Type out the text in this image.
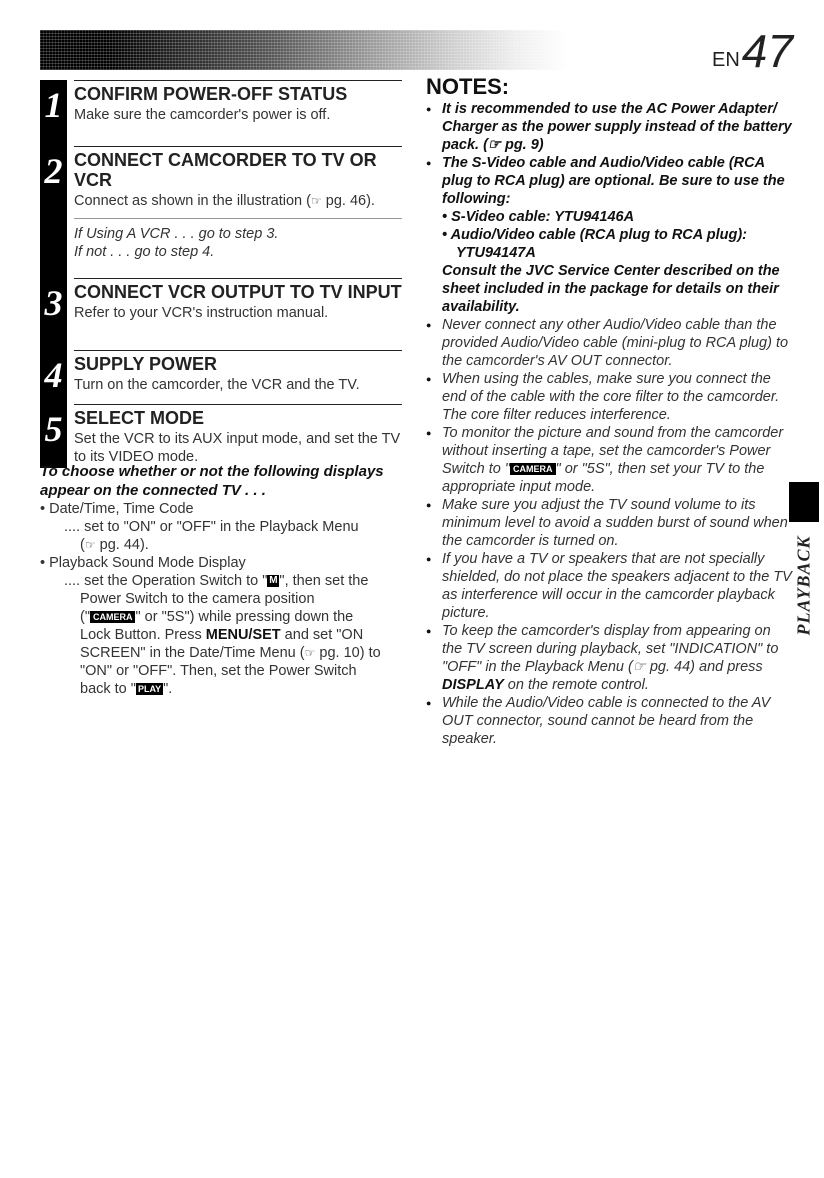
EN 47
1 CONFIRM POWER-OFF STATUS
Make sure the camcorder's power is off.
2 CONNECT CAMCORDER TO TV OR VCR
Connect as shown in the illustration (☞ pg. 46).
If Using A VCR . . . go to step 3.
If not . . . go to step 4.
3 CONNECT VCR OUTPUT TO TV INPUT
Refer to your VCR's instruction manual.
4 SUPPLY POWER
Turn on the camcorder, the VCR and the TV.
5 SELECT MODE
Set the VCR to its AUX input mode, and set the TV to its VIDEO mode.
To choose whether or not the following displays appear on the connected TV . . .
• Date/Time, Time Code
.... set to "ON" or "OFF" in the Playback Menu
(☞ pg. 44).
• Playback Sound Mode Display
.... set the Operation Switch to " M ", then set the
Power Switch to the camera position
(" CAMERA " or "5S") while pressing down the
Lock Button. Press MENU/SET and set "ON
SCREEN" in the Date/Time Menu (☞ pg. 10) to
"ON" or "OFF". Then, set the Power Switch
back to " PLAY ".
NOTES:
● It is recommended to use the AC Power Adapter/ Charger as the power supply instead of the battery pack. (☞ pg. 9)
● The S-Video cable and Audio/Video cable (RCA plug to RCA plug) are optional. Be sure to use the following:
• S-Video cable: YTU94146A
• Audio/Video cable (RCA plug to RCA plug):
YTU94147A
Consult the JVC Service Center described on the sheet included in the package for details on their availability.
● Never connect any other Audio/Video cable than the provided Audio/Video cable (mini-plug to RCA plug) to the camcorder's AV OUT connector.
● When using the cables, make sure you connect the end of the cable with the core filter to the camcorder. The core filter reduces interference.
● To monitor the picture and sound from the camcorder without inserting a tape, set the camcorder's Power Switch to " CAMERA " or "5S", then set your TV to the appropriate input mode.
● Make sure you adjust the TV sound volume to its minimum level to avoid a sudden burst of sound when the camcorder is turned on.
● If you have a TV or speakers that are not specially shielded, do not place the speakers adjacent to the TV as interference will occur in the camcorder playback picture.
● To keep the camcorder's display from appearing on the TV screen during playback, set "INDICATION" to "OFF" in the Playback Menu (☞ pg. 44) and press DISPLAY on the remote control.
● While the Audio/Video cable is connected to the AV OUT connector, sound cannot be heard from the speaker.
PLAYBACK
